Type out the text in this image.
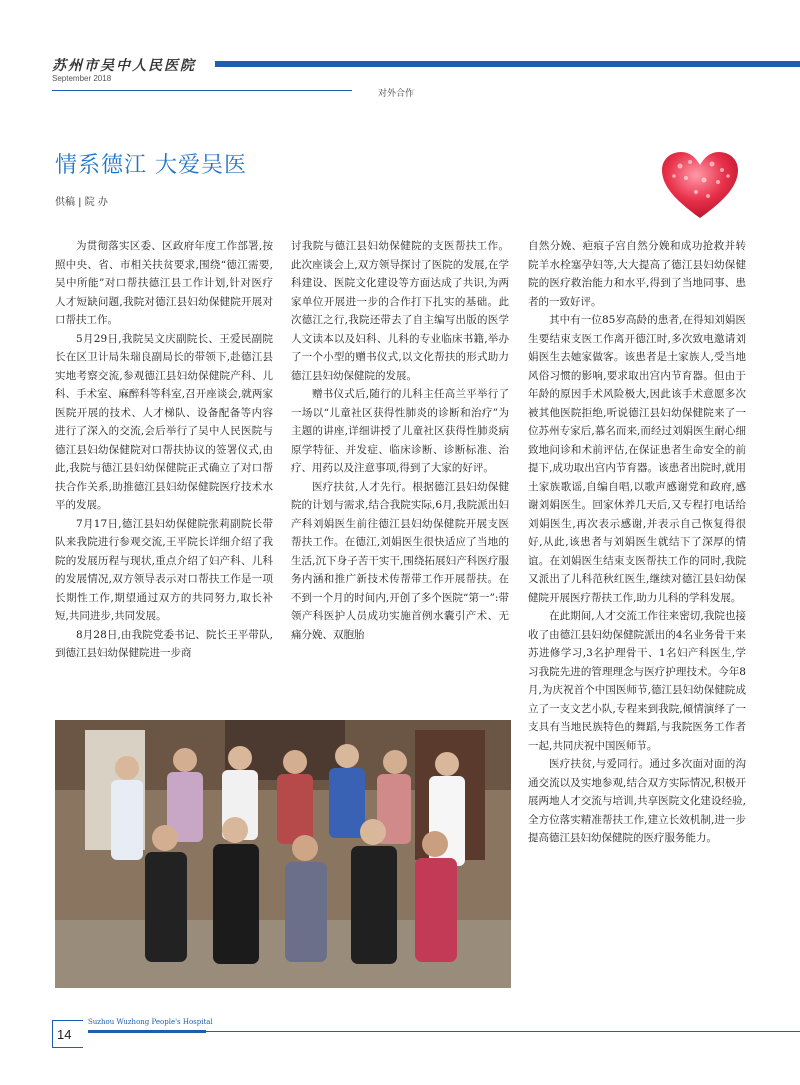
苏州市吴中人民医院
September 2018
对外合作
情系德江 大爱吴医
供稿 | 院 办

为贯彻落实区委、区政府年度工作部署,按照中央、省、市相关扶贫要求,围绕“德江需要,吴中所能”对口帮扶德江县工作计划,针对医疗人才短缺问题,我院对德江县妇幼保健院开展对口帮扶工作。

5月29日,我院吴文庆副院长、王爱民副院长在区卫计局朱瑞良副局长的带领下,赴德江县实地考察交流,参观德江县妇幼保健院产科、儿科、手术室、麻醉科等科室,召开座谈会,就两家医院开展的技术、人才梯队、设备配备等内容进行了深入的交流,会后举行了吴中人民医院与德江县妇幼保健院对口帮扶协议的签署仪式,由此,我院与德江县妇幼保健院正式确立了对口帮扶合作关系,助推德江县妇幼保健院医疗技术水平的发展。

7月17日,德江县妇幼保健院张莉副院长带队来我院进行参观交流,王平院长详细介绍了我院的发展历程与现状,重点介绍了妇产科、儿科的发展情况,双方领导表示对口帮扶工作是一项长期性工作,期望通过双方的共同努力,取长补短,共同进步,共同发展。

8月28日,由我院党委书记、院长王平带队,到德江县妇幼保健院进一步商

讨我院与德江县妇幼保健院的支医帮扶工作。此次座谈会上,双方领导探讨了医院的发展,在学科建设、医院文化建设等方面达成了共识,为两家单位开展进一步的合作打下扎实的基础。此次德江之行,我院还带去了自主编写出版的医学人文读本以及妇科、儿科的专业临床书籍,举办了一个小型的赠书仪式,以文化帮扶的形式助力德江县妇幼保健院的发展。

赠书仪式后,随行的儿科主任高兰平举行了一场以“儿童社区获得性肺炎的诊断和治疗”为主题的讲座,详细讲授了儿童社区获得性肺炎病原学特征、并发症、临床诊断、诊断标准、治疗、用药以及注意事项,得到了大家的好评。

医疗扶贫,人才先行。根据德江县妇幼保健院的计划与需求,结合我院实际,6月,我院派出妇产科刘娟医生前往德江县妇幼保健院开展支医帮扶工作。在德江,刘娟医生很快适应了当地的生活,沉下身子苦干实干,围绕拓展妇产科医疗服务内涵和推广新技术传帮带工作开展帮扶。在不到一个月的时间内,开创了多个医院“第一”:带领产科医护人员成功实施首例水囊引产术、无痛分娩、双胞胎

自然分娩、疤痕子宫自然分娩和成功抢救并转院羊水栓塞孕妇等,大大提高了德江县妇幼保健院的医疗救治能力和水平,得到了当地同事、患者的一致好评。

其中有一位85岁高龄的患者,在得知刘娟医生要结束支医工作离开德江时,多次致电邀请刘娟医生去她家做客。该患者是土家族人,受当地风俗习惯的影响,要求取出宫内节育器。但由于年龄的原因手术风险极大,因此该手术意愿多次被其他医院拒绝,听说德江县妇幼保健院来了一位苏州专家后,慕名而来,而经过刘娟医生耐心细致地问诊和术前评估,在保证患者生命安全的前提下,成功取出宫内节育器。该患者出院时,就用土家族歌谣,自编自唱,以歌声感谢党和政府,感谢刘娟医生。回家休养几天后,又专程打电话给刘娟医生,再次表示感谢,并表示自己恢复得很好,从此,该患者与刘娟医生就结下了深厚的情谊。在刘娟医生结束支医帮扶工作的同时,我院又派出了儿科范秋红医生,继续对德江县妇幼保健院开展医疗帮扶工作,助力儿科的学科发展。

在此期间,人才交流工作往来密切,我院也接收了由德江县妇幼保健院派出的4名业务骨干来苏进修学习,3名护理骨干、1名妇产科医生,学习我院先进的管理理念与医疗护理技术。今年8月,为庆祝首个中国医师节,德江县妇幼保健院成立了一支文艺小队,专程来到我院,倾情演绎了一支具有当地民族特色的舞蹈,与我院医务工作者一起,共同庆祝中国医师节。

医疗扶贫,与爱同行。通过多次面对面的沟通交流以及实地参观,结合双方实际情况,积极开展两地人才交流与培训,共享医院文化建设经验,全方位落实精准帮扶工作,建立长效机制,进一步提高德江县妇幼保健院的医疗服务能力。

14
Suzhou Wuzhong People's Hospital
